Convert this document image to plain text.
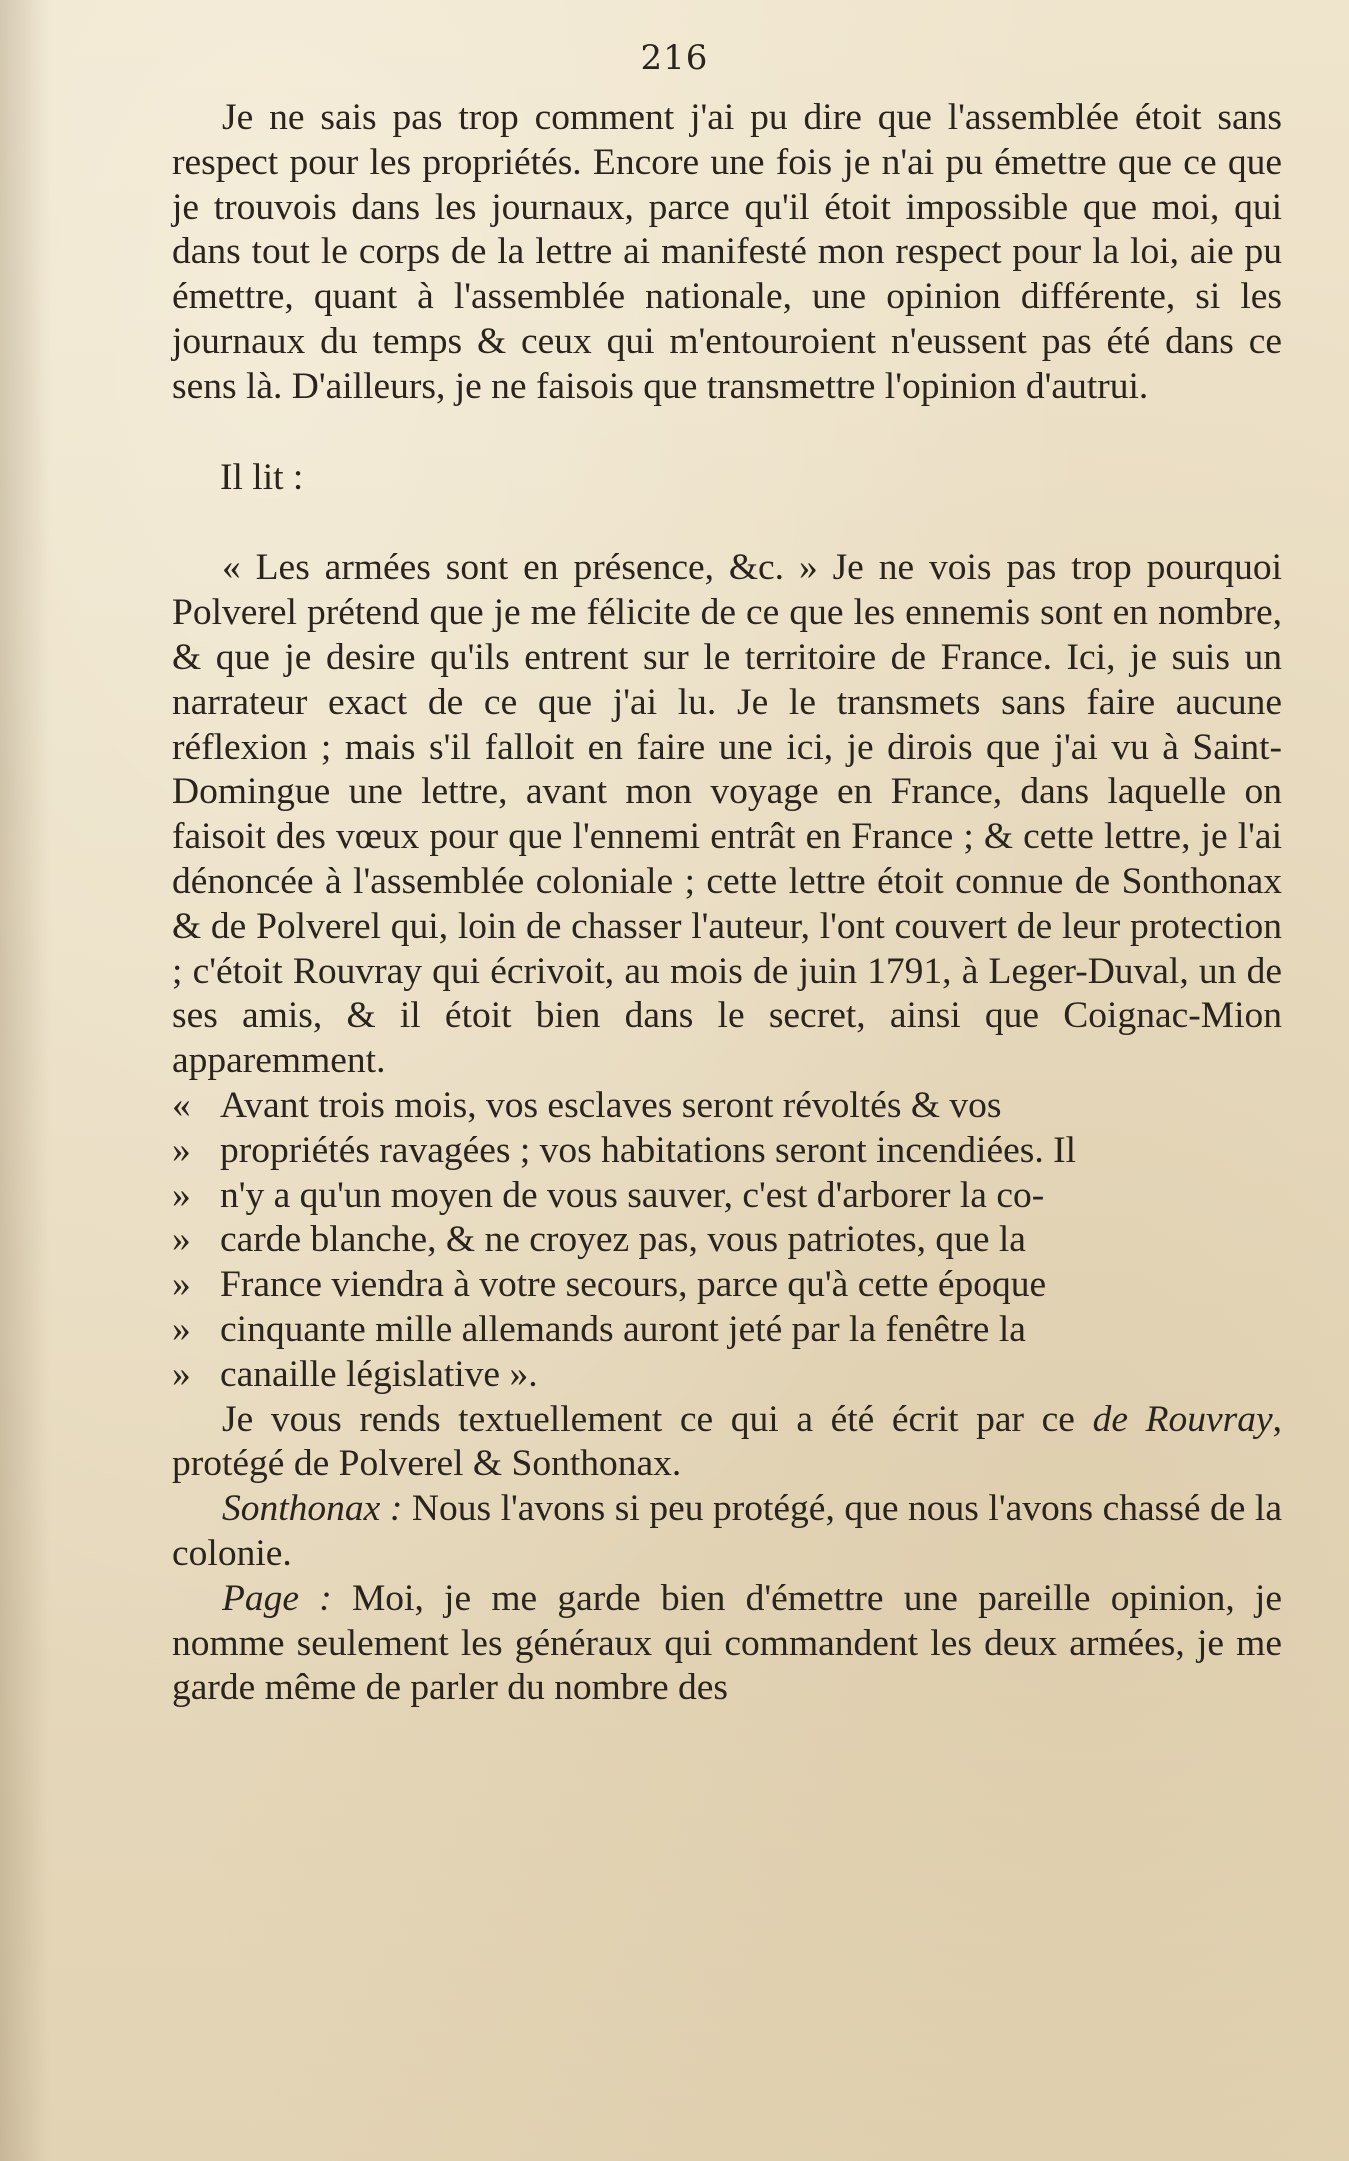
216

Je ne sais pas trop comment j'ai pu dire que l'assemblée étoit sans respect pour les propriétés. Encore une fois je n'ai pu émettre que ce que je trouvois dans les journaux, parce qu'il étoit impossible que moi, qui dans tout le corps de la lettre ai manifesté mon respect pour la loi, aie pu émettre, quant à l'assemblée nationale, une opinion différente, si les journaux du temps & ceux qui m'entouroient n'eussent pas été dans ce sens là. D'ailleurs, je ne faisois que transmettre l'opinion d'autrui.

Il lit :

« Les armées sont en présence, &c. » Je ne vois pas trop pourquoi Polverel prétend que je me félicite de ce que les ennemis sont en nombre, & que je desire qu'ils entrent sur le territoire de France. Ici, je suis un narrateur exact de ce que j'ai lu. Je le transmets sans faire aucune réflexion ; mais s'il falloit en faire une ici, je dirois que j'ai vu à Saint-Domingue une lettre, avant mon voyage en France, dans laquelle on faisoit des vœux pour que l'ennemi entrât en France ; & cette lettre, je l'ai dénoncée à l'assemblée coloniale ; cette lettre étoit connue de Sonthonax & de Polverel qui, loin de chasser l'auteur, l'ont couvert de leur protection ; c'étoit Rouvray qui écrivoit, au mois de juin 1791, à Leger-Duval, un de ses amis, & il étoit bien dans le secret, ainsi que Coignac-Mion apparemment.

« Avant trois mois, vos esclaves seront révoltés & vos
» propriétés ravagées ; vos habitations seront incendiées. Il
» n'y a qu'un moyen de vous sauver, c'est d'arborer la co-
» carde blanche, & ne croyez pas, vous patriotes, que la
» France viendra à votre secours, parce qu'à cette époque
» cinquante mille allemands auront jeté par la fenêtre la
» canaille législative ».

Je vous rends textuellement ce qui a été écrit par ce de Rouvray, protégé de Polverel & Sonthonax.

Sonthonax : Nous l'avons si peu protégé, que nous l'avons chassé de la colonie.

Page : Moi, je me garde bien d'émettre une pareille opinion, je nomme seulement les généraux qui commandent les deux armées, je me garde même de parler du nombre des
